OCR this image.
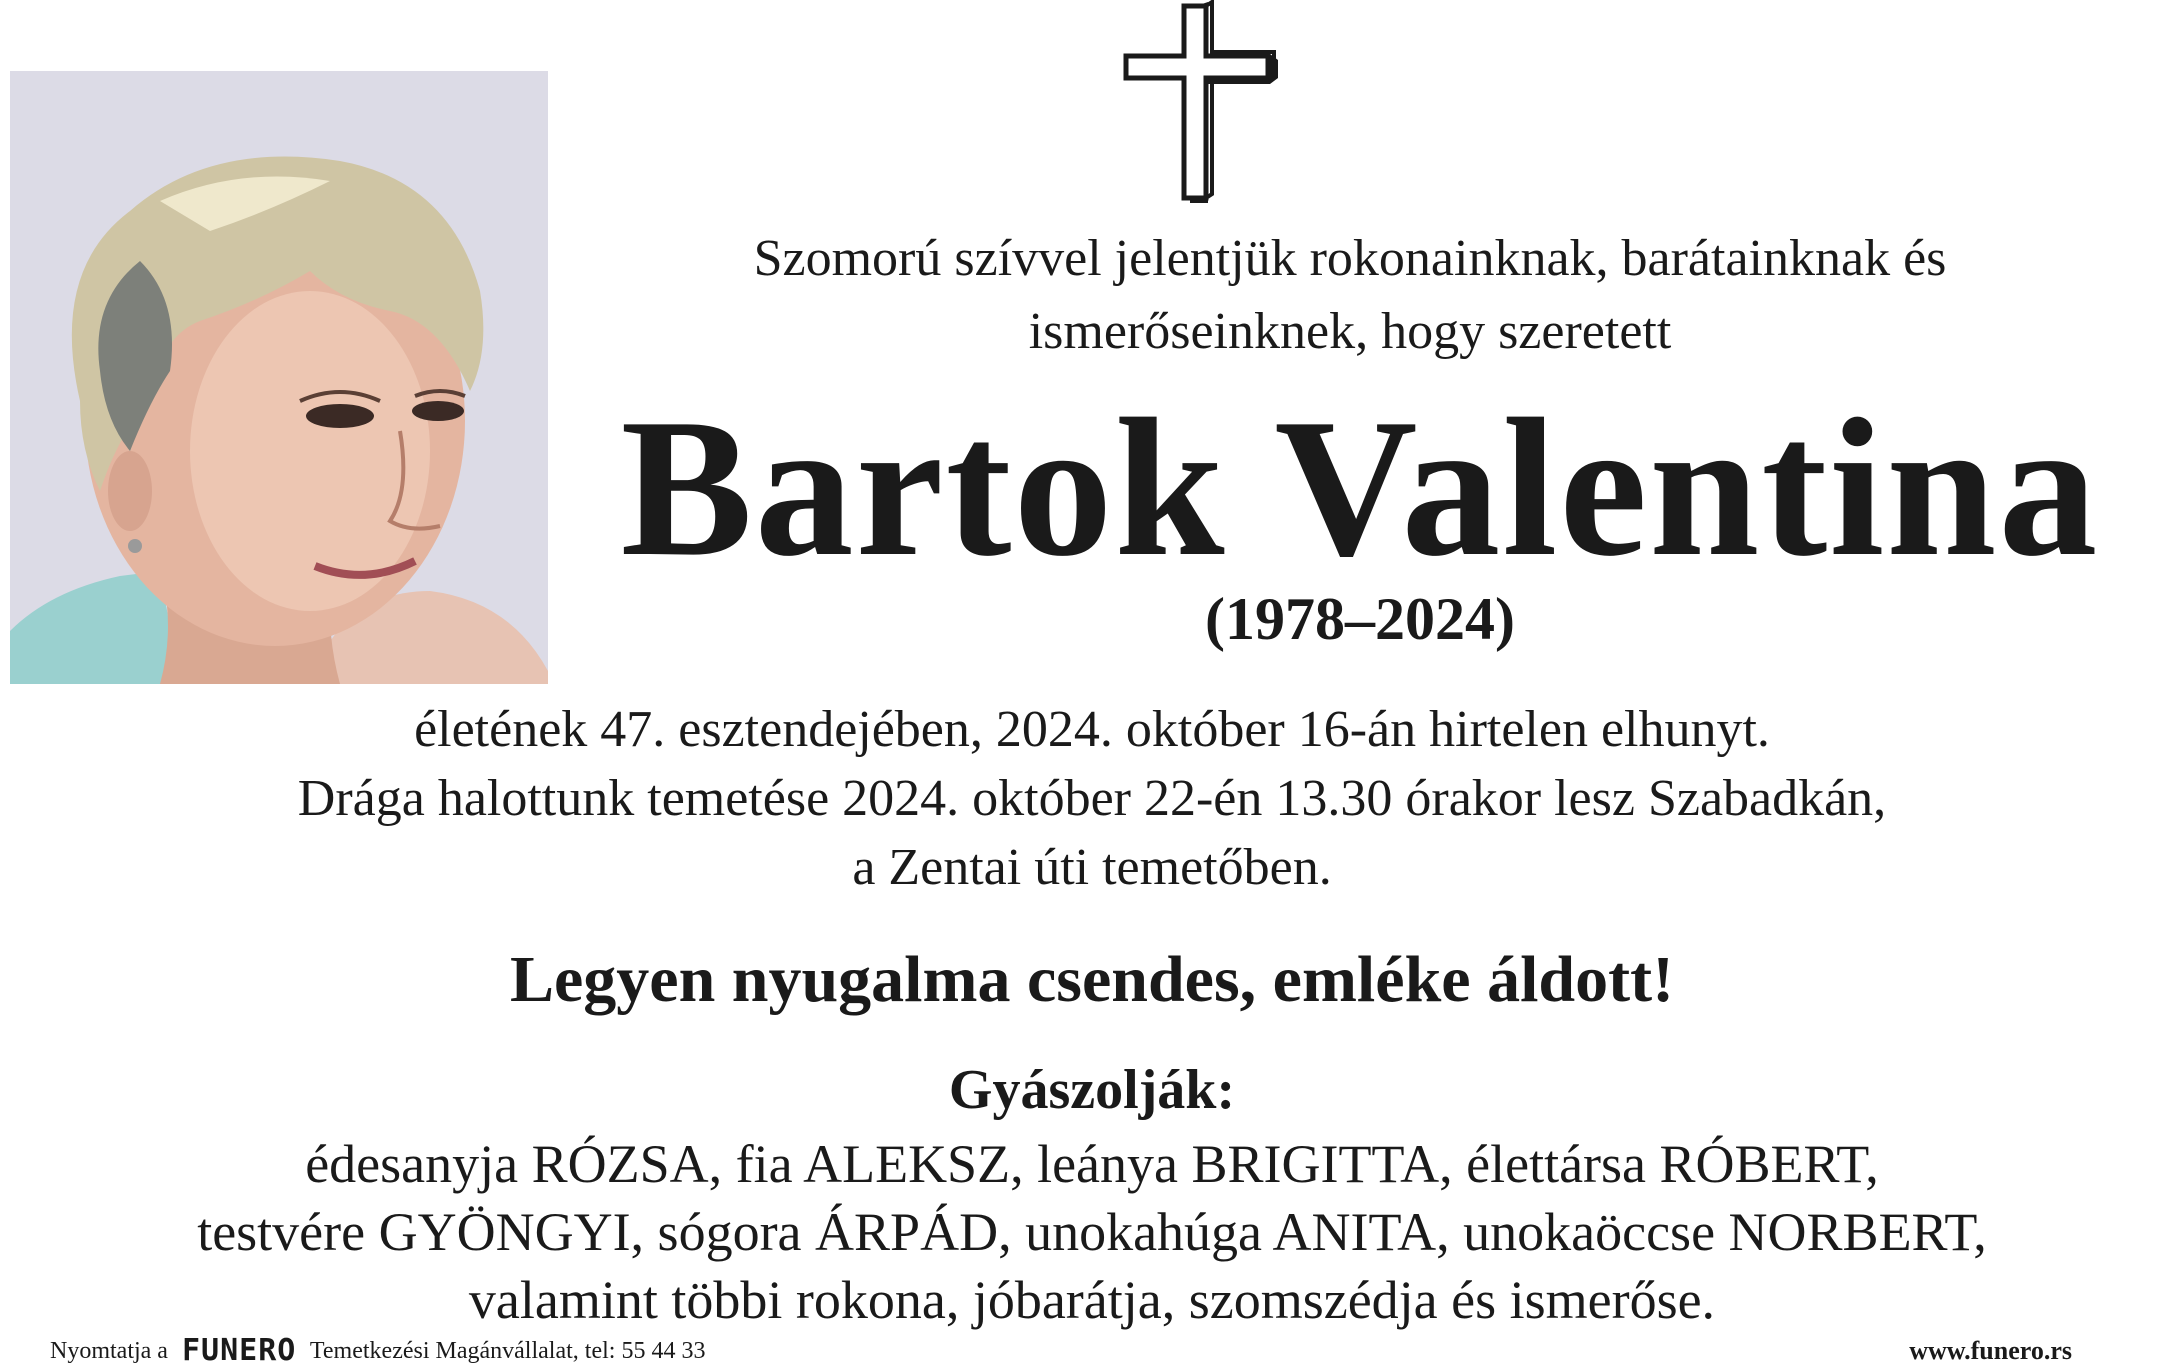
Szomorú szívvel jelentjük rokonainknak, barátainknak és
ismerőseinknek, hogy szeretett
Bartok Valentina
(1978–2024)
életének 47. esztendejében, 2024. október 16-án hirtelen elhunyt.
Drága halottunk temetése 2024. október 22-én 13.30 órakor lesz Szabadkán,
a Zentai úti temetőben.
Legyen nyugalma csendes, emléke áldott!
Gyászolják:
édesanyja RÓZSA, fia ALEKSZ, leánya BRIGITTA, élettársa RÓBERT,
testvére GYÖNGYI, sógora ÁRPÁD, unokahúga ANITA, unokaöccse NORBERT,
valamint többi rokona, jóbarátja, szomszédja és ismerőse.
Nyomtatja a FUNERO Temetkezési Magánvállalat, tel: 55 44 33	www.funero.rs
